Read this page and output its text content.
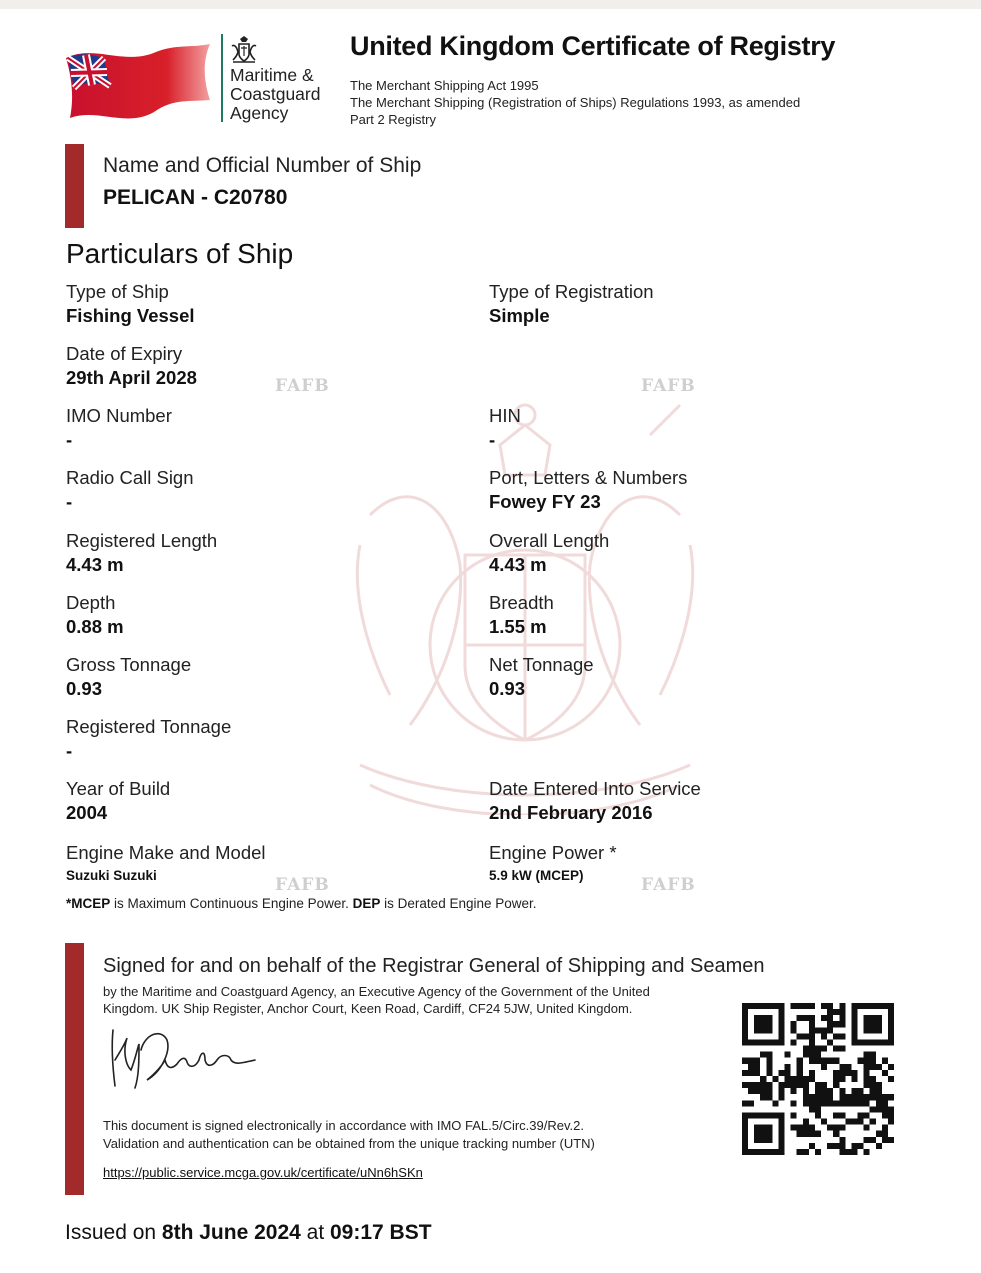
Maritime &
Coastguard
Agency
United Kingdom Certificate of Registry
The Merchant Shipping Act 1995
The Merchant Shipping (Registration of Ships) Regulations 1993, as amended
Part 2 Registry
Name and Official Number of Ship
PELICAN - C20780
Particulars of Ship
FAFB	FAFB
FAFB	FAFB
Type of Ship
Fishing Vessel
Type of Registration
Simple
Date of Expiry
29th April 2028
IMO Number
-
HIN
-
Radio Call Sign
-
Port, Letters & Numbers
Fowey FY 23
Registered Length
4.43 m
Overall Length
4.43 m
Depth
0.88 m
Breadth
1.55 m
Gross Tonnage
0.93
Net Tonnage
0.93
Registered Tonnage
-
Year of Build
2004
Date Entered Into Service
2nd February 2016
Engine Make and Model
Suzuki Suzuki
Engine Power *
5.9 kW (MCEP)
*MCEP is Maximum Continuous Engine Power. DEP is Derated Engine Power.
Signed for and on behalf of the Registrar General of Shipping and Seamen
by the Maritime and Coastguard Agency, an Executive Agency of the Government of the United
Kingdom. UK Ship Register, Anchor Court, Keen Road, Cardiff, CF24 5JW, United Kingdom.
This document is signed electronically in accordance with IMO FAL.5/Circ.39/Rev.2.
Validation and authentication can be obtained from the unique tracking number (UTN)
https://public.service.mcga.gov.uk/certificate/uNn6hSKn
Issued on 8th June 2024 at 09:17 BST
